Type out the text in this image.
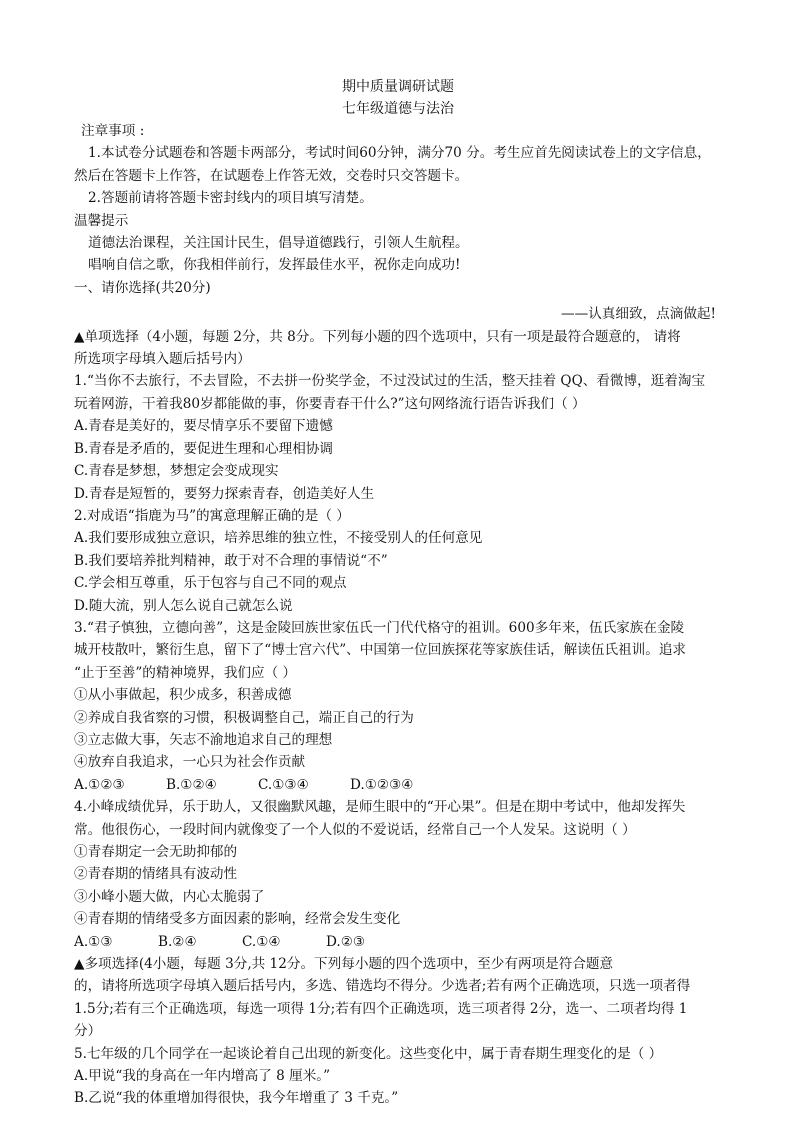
期中质量调研试题
七年级道德与法治
注章事项 :
1.本试卷分试题卷和答题卡两部分，考试时间60分钟，满分70 分。考生应首先阅读试卷上的文字信息，
然后在答题卡上作答，在试题卷上作答无效，交卷时只交答题卡。
2.答题前请将答题卡密封线内的项目填写清楚。
温馨提示
道德法治课程，关注国计民生，倡导道德践行，引领人生航程。
唱响自信之歌，你我相伴前行，发挥最佳水平，祝你走向成功!
一、请你选择(共20分)
——认真细致，点滴做起!
▲单项选择（4小题，每题 2分，共 8分。下列每小题的四个选项中，只有一项是最符合题意的， 请将
所选项字母填入题后括号内）
1.“当你不去旅行，不去冒险，不去拼一份奖学金，不过没试过的生活，整天挂着 QQ、看微博，逛着淘宝
玩着网游，干着我80岁都能做的事，你要青春干什么?”这句网络流行语告诉我们（ ）
A.青春是美好的，要尽情享乐不要留下遗憾
B.青春是矛盾的，要促进生理和心理相协调
C.青春是梦想，梦想定会变成现实
D.青春是短暂的，要努力探索青春，创造美好人生
2.对成语“指鹿为马”的寓意理解正确的是（ ）
A.我们要形成独立意识，培养思维的独立性，不接受别人的任何意见
B.我们要培养批判精神，敢于对不合理的事情说“不”
C.学会相互尊重，乐于包容与自己不同的观点
D.随大流，别人怎么说自己就怎么说
3.“君子慎独，立德向善”，这是金陵回族世家伍氏一门代代格守的祖训。600多年来，伍氏家族在金陵
城开枝散叶，繁衍生息，留下了“博士宫六代”、中国第一位回族探花等家族佳话，解读伍氏祖训。追求
“止于至善”的精神境界，我们应（ ）
①从小事做起，积少成多，积善成德
②养成自我省察的习惯，积极调整自己，端正自己的行为
③立志做大事，矢志不渝地追求自己的理想
④放弃自我追求，一心只为社会作贡献
A.①②③	B.①②④	C.①③④	D.①②③④
4.小峰成绩优异，乐于助人，又很幽默风趣，是师生眼中的“开心果”。但是在期中考试中，他却发挥失
常。他很伤心，一段时间内就像变了一个人似的不爱说话，经常自己一个人发呆。这说明（ ）
①青春期定一会无助抑郁的
②青春期的情绪具有波动性
③小峰小题大做，内心太脆弱了
④青春期的情绪受多方面因素的影响，经常会发生变化
A.①③	B.②④	C.①④	D.②③
▲多项选择(4小题，每题 3分,共 12分。下列每小题的四个选项中，至少有两项是符合题意
的，请将所选项字母填入题后括号内，多选、错选均不得分。少选者;若有两个正确选项，只选一项者得
1.5分;若有三个正确选项，每选一项得 1分;若有四个正确选项，选三项者得 2分，选一、二项者均得 1
分）
5.七年级的几个同学在一起谈论着自己出现的新变化。这些变化中，属于青春期生理变化的是（ ）
A.甲说“我的身高在一年内增高了 8 厘米。”
B.乙说“我的体重增加得很快，我今年增重了 3 千克。”
